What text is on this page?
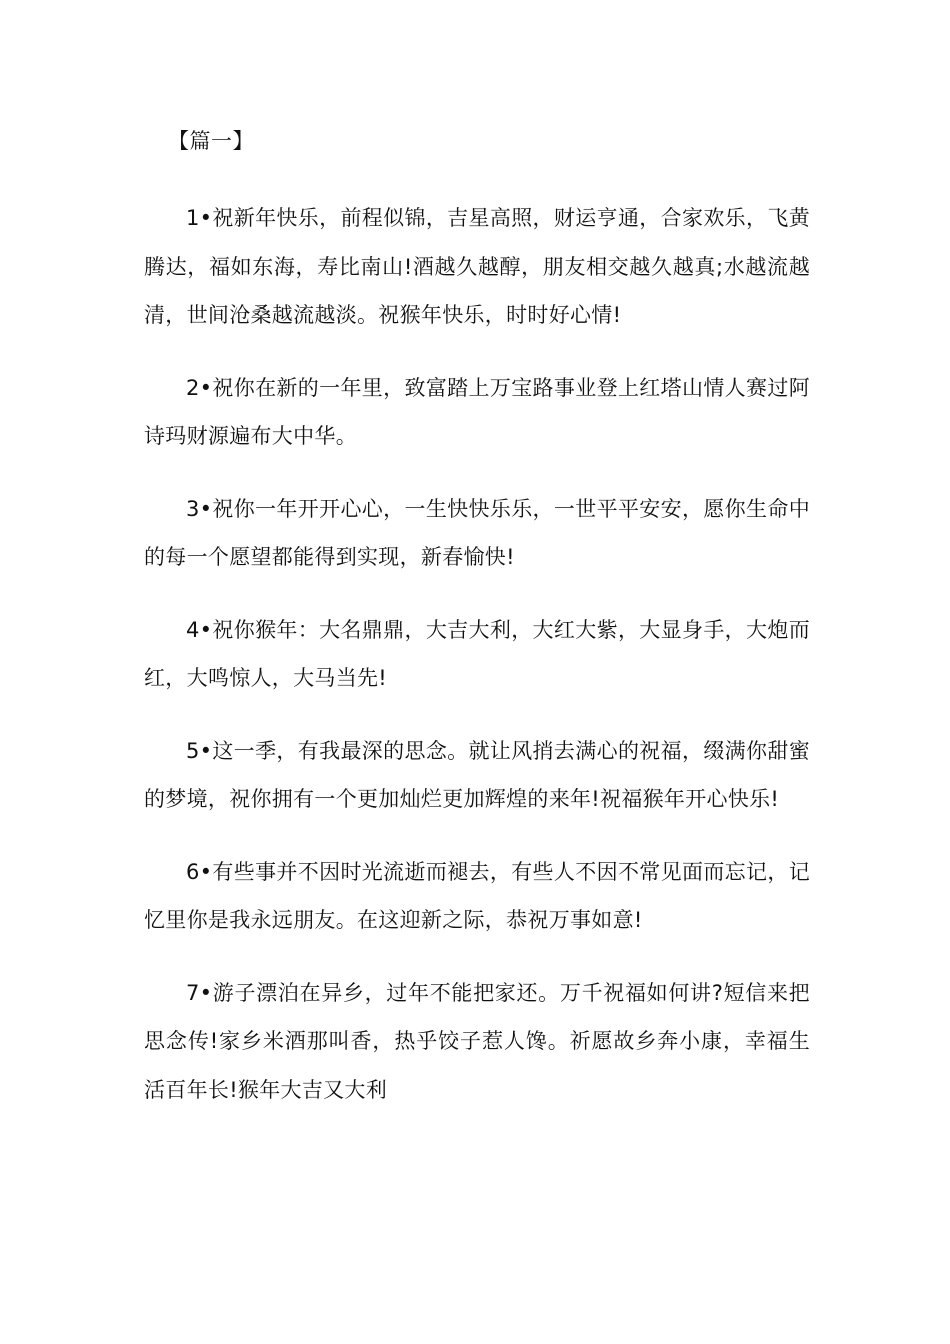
【篇一】

1•祝新年快乐，前程似锦，吉星高照，财运亨通，合家欢乐，飞黄腾达，福如东海，寿比南山!酒越久越醇，朋友相交越久越真;水越流越清，世间沧桑越流越淡。祝猴年快乐，时时好心情!

2•祝你在新的一年里，致富踏上万宝路事业登上红塔山情人赛过阿诗玛财源遍布大中华。

3•祝你一年开开心心，一生快快乐乐，一世平平安安，愿你生命中的每一个愿望都能得到实现，新春愉快!

4•祝你猴年：大名鼎鼎，大吉大利，大红大紫，大显身手，大炮而红，大鸣惊人，大马当先!

5•这一季，有我最深的思念。就让风捎去满心的祝福，缀满你甜蜜的梦境，祝你拥有一个更加灿烂更加辉煌的来年!祝福猴年开心快乐!

6•有些事并不因时光流逝而褪去，有些人不因不常见面而忘记，记忆里你是我永远朋友。在这迎新之际，恭祝万事如意!

7•游子漂泊在异乡，过年不能把家还。万千祝福如何讲?短信来把思念传!家乡米酒那叫香，热乎饺子惹人馋。祈愿故乡奔小康，幸福生活百年长!猴年大吉又大利
